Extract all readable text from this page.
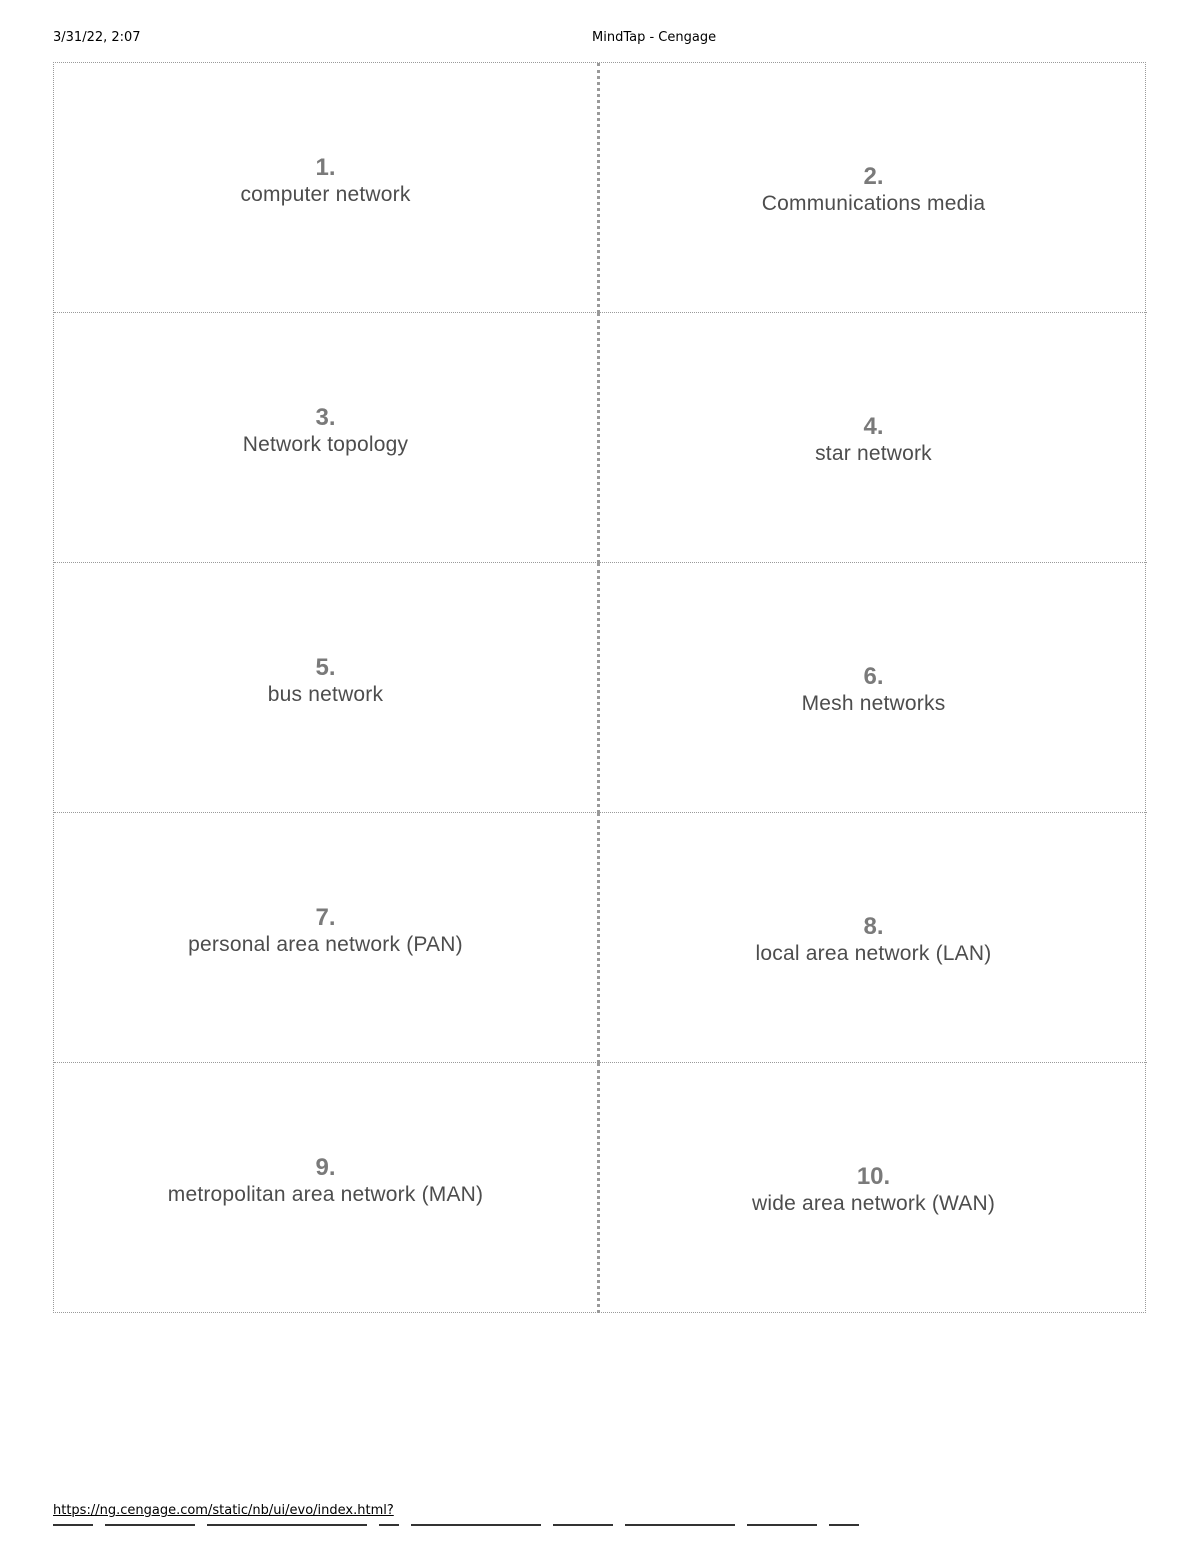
3/31/22, 2:07	MindTap - Cengage
1.
computer network
2.
Communications media
3.
Network topology
4.
star network
5.
bus network
6.
Mesh networks
7.
personal area network (PAN)
8.
local area network (LAN)
9.
metropolitan area network (MAN)
10.
wide area network (WAN)
https://ng.cengage.com/static/nb/ui/evo/index.html?
